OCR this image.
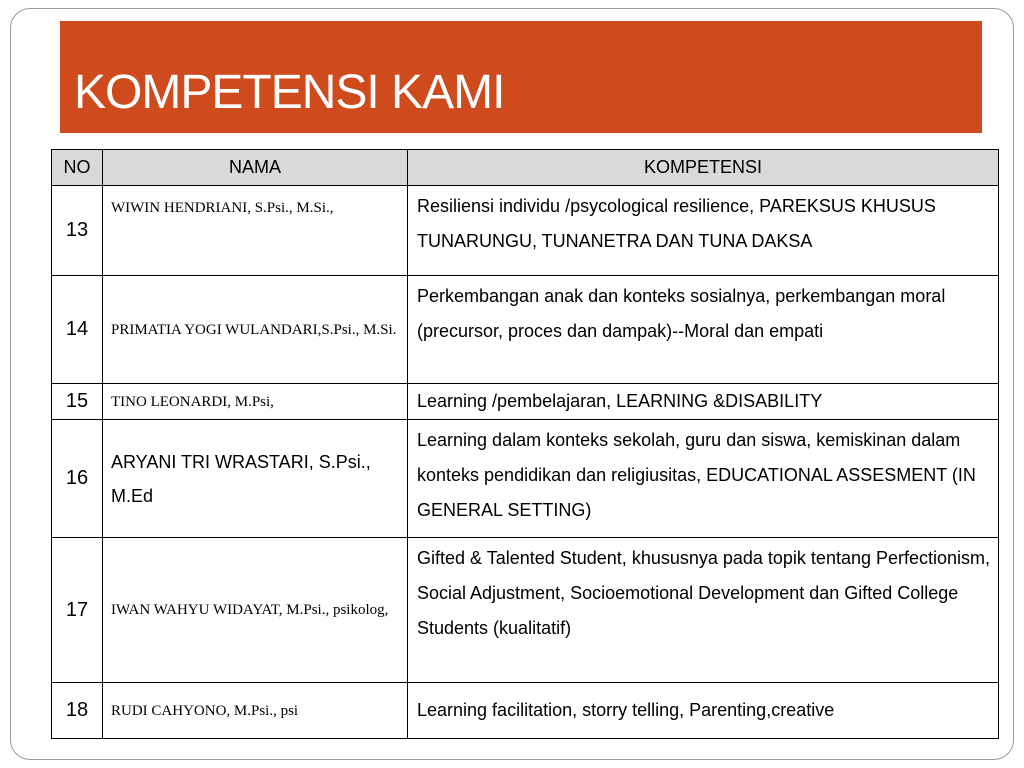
KOMPETENSI KAMI
NO	NAMA	KOMPETENSI
13	WIWIN HENDRIANI, S.Psi., M.Si.,	Resiliensi individu /psycological resilience, PAREKSUS KHUSUS TUNARUNGU, TUNANETRA DAN TUNA DAKSA
14	PRIMATIA YOGI WULANDARI,S.Psi., M.Si.	Perkembangan anak dan konteks sosialnya, perkembangan moral (precursor, proces dan dampak)--Moral dan empati
15	TINO LEONARDI, M.Psi,	Learning /pembelajaran, LEARNING &DISABILITY
16	ARYANI TRI WRASTARI, S.Psi., M.Ed	Learning dalam konteks sekolah, guru dan siswa, kemiskinan dalam konteks pendidikan dan religiusitas, EDUCATIONAL ASSESMENT (IN GENERAL SETTING)
17	IWAN WAHYU WIDAYAT, M.Psi., psikolog,	Gifted & Talented Student, khususnya pada topik tentang Perfectionism, Social Adjustment, Socioemotional Development dan Gifted College Students (kualitatif)
18	RUDI CAHYONO, M.Psi., psi	Learning facilitation, storry telling, Parenting,creative
